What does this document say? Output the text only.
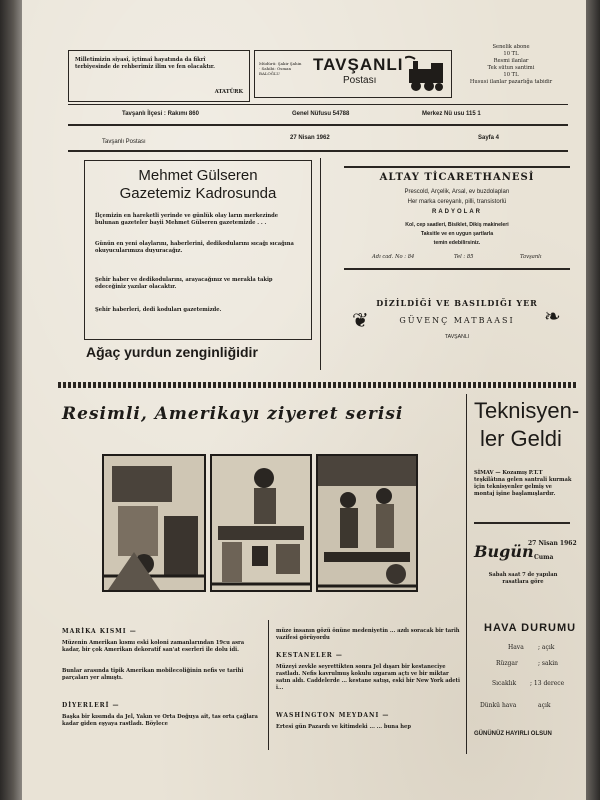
Milletimizin siyasî, içtimaî hayatında da fikrî terbiyesinde de rehberimiz ilim ve fen olacaktır.
ATATÜRK
Müdürü: Şakir Şahin · Sahibi: Osman BALOĞLU	TAVŞANLI
Postası
Senelik abone
10 TL
Resmi ilanlar
Tek sütun santimi
10 TL
Hususi ilanlar pazarlığa tabidir
Tavşanlı İlçesi : Rakımı 860	Genel Nüfusu 54788	Merkez Nü usu 115 1
Tavşanlı Postası
27 Nisan 1962	Sayfa 4
Mehmet Gülseren
Gazetemiz Kadrosunda
İlçemizin en hareketli yerinde ve günlük olay ların merkezinde bulunan gazeteler bayii Mehmet Gülseren gazetemizde . . .
Günün en yeni olaylarını, haberlerini, dedikodularını sıcağı sıcağına okuyucularımıza duyuracağız.
Şehir haber ve dedikodularını, arayacağınız ve merakla takip edeceğiniz yazılar olacaktır.
Şehir haberleri, dedi koduları gazetemizde.
Ağaç yurdun zenginliğidir
ALTAY TİCARETHANESİ
Prescold, Arçelik, Arsal, ev buzdolapları
Her marka cereyanlı, pilli, transistorlü
RADYOLAR
Kol, cep saatleri, Bisiklet, Dikiş makineleri
Taksitle ve en uygun şartlarla
temin edebilirsiniz.
Adı cad. No : 84	Tel : 85	Tavşanlı
DİZİLDİĞİ VE BASILDIĞI YER
GÜVENÇ MATBAASI
TAVŞANLI
❦	❧
Resimli, Amerikayı ziyeret serisi
MARİKA KISMI —
Müzenin Amerikan kısmı eski koloni zamanlarından 19cu asra kadar, bir çok Amerikan dekoratif san'at eserleri ile dolu idi.
Bunlar arasında tipik Amerikan mobilecoliğinin nefis ve tarihi parçaları yer almıştı.
DİYERLERİ —
Başka bir kısımda da Jel, Yakın ve Orta Doğuya ait, tas orta çağlara kadar giden eşyaya rastladı. Böylece
müze insanın gözü önüne medeniyetin ... azdı soracak bir tarih vazifesi görüyordu
KESTANELER —
Müzeyi zevkle seyrettikten sonra Jel dışarı bir kestaneciye rastladı. Nefis kavrulmuş kokulu ızgaram açtı ve bir miktar satın aldı. Caddelerde ... kestane satışı, eski bir New York adeti i...
WASHİNGTON MEYDANI —
Ertesi gün Pazardı ve kitimdeki ... ... buna hep
Teknisyen-
ler Geldi
SİMAV — Kozamış P.T.T teşkilâtına gelen santrali kurmak için teknisyenler gelmiş ve montaj işine başlamışlardır.
Bugün
27 Nisan 1962
Cuma
Sabah saat 7 de yapılan rasatlara göre
HAVA DURUMU
Hava ; açık
Rüzgar	; sakin
Sıcaklık ; 13 derece
Dünkü hava	açık
GÜNÜNÜZ HAYIRLI OLSUN
